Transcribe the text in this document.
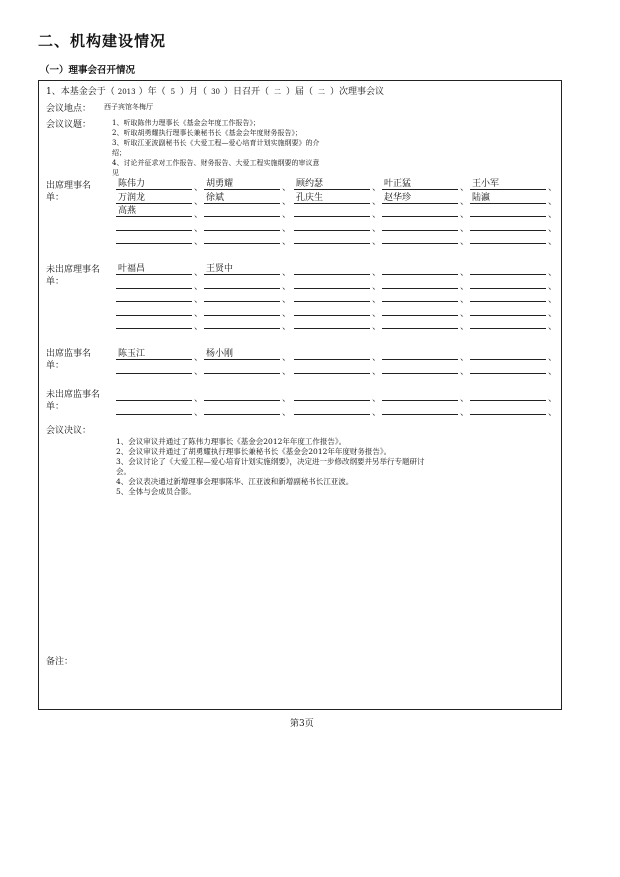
二、机构建设情况
（一）理事会召开情况
1、本基金会于（ 2013 ）年（ 5 ）月（ 30 ）日召开（ 二 ）届（ 二 ）次理事会议
会议地点： 西子宾馆冬梅厅
会议议题：	1、听取陈伟力理事长《基金会年度工作报告》；
2、听取胡勇耀执行理事长兼秘书长《基金会年度财务报告》；
3、听取江亚波副秘书长《大爱工程—爱心培育计划实施纲要》的介
绍；
4、讨论并征求对工作报告、财务报告、大爱工程实施纲要的审议意
见
出席理事名
单：
陈伟力	、 胡勇耀	、 顾约瑟	、 叶正猛	、 王小军	、
万润龙	、 徐斌	、 孔庆生	、 赵华珍	、 陆瀛	、
高燕	、	、	、	、	、
、	、	、	、	、
、	、	、	、	、
未出席理事名
单：
叶福昌	、 王贤中	、	、	、	、
、	、	、	、	、
、	、	、	、	、
、	、	、	、	、
、	、	、	、	、
出席监事名
单：
陈玉江	、 杨小刚	、	、	、	、
、	、	、	、	、
未出席监事名
单：
、	、	、	、	、
、	、	、	、	、
会议决议：
1、会议审议并通过了陈伟力理事长《基金会2012年年度工作报告》。
2、会议审议并通过了胡勇耀执行理事长兼秘书长《基金会2012年年度财务报告》。
3、会议讨论了《大爱工程—爱心培育计划实施纲要》，决定进一步修改纲要并另举行专题研讨
会。
4、会议表决通过新增理事会理事陈华、江亚波和新增副秘书长江亚波。
5、全体与会成员合影。
备注：
第3页
